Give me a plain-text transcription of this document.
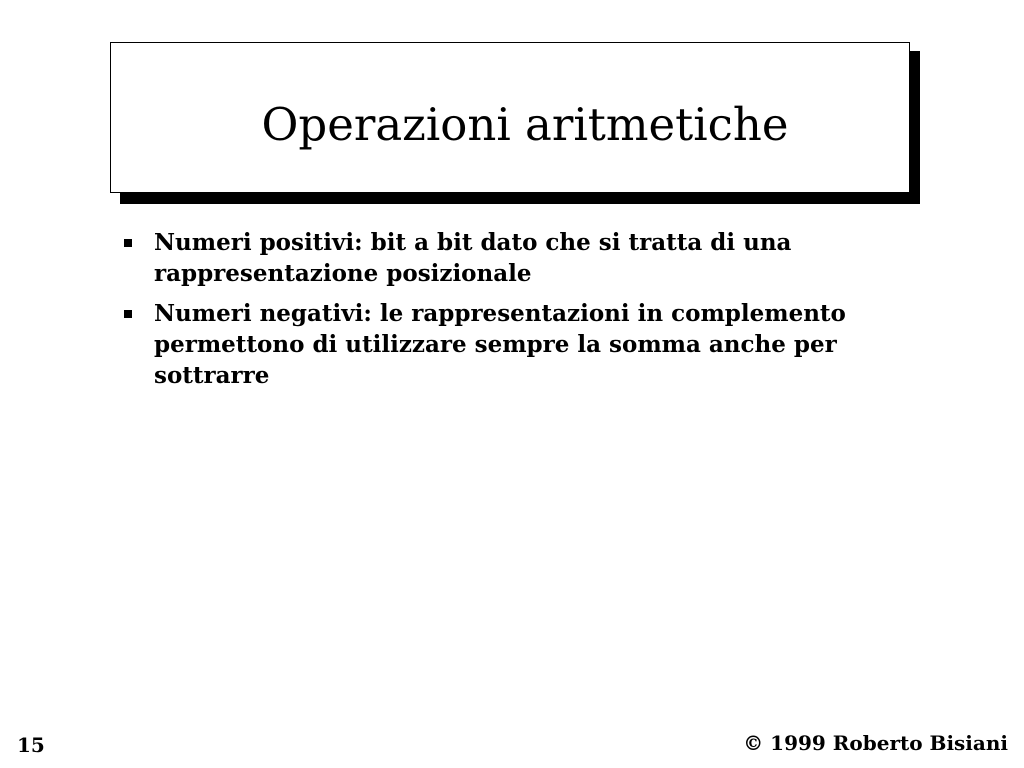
Operazioni aritmetiche
Numeri positivi: bit a bit dato che si tratta di una rappresentazione posizionale
Numeri negativi: le rappresentazioni in complemento permettono di utilizzare sempre la somma anche per sottrarre
15	© 1999 Roberto Bisiani
